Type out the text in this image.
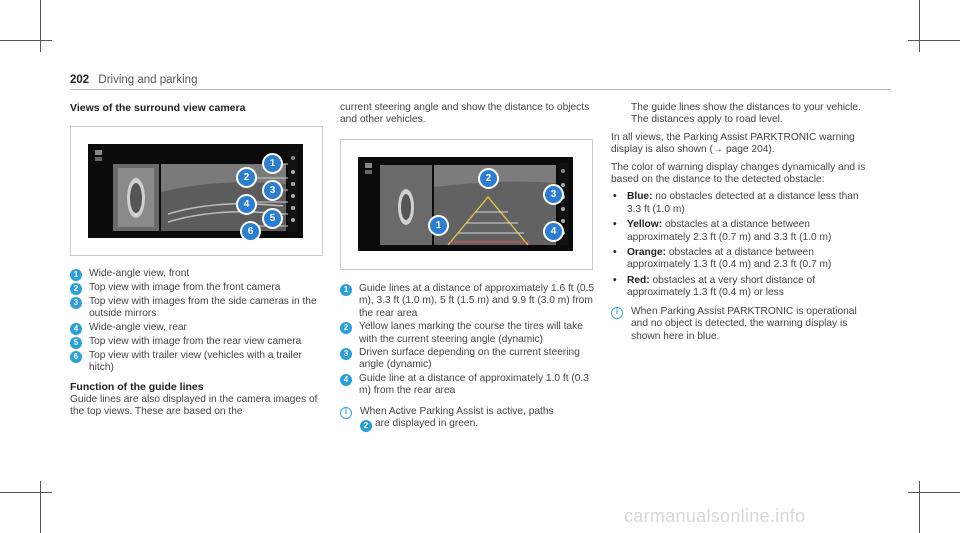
202 Driving and parking
Views of the surround view camera
1
2
3
4
5
6
1	Wide-angle view, front
2	Top view with image from the front camera
3	Top view with images from the side cameras in the outside mirrors
4	Wide-angle view, rear
5	Top view with image from the rear view camera
6	Top view with trailer view (vehicles with a trailer hitch)
Function of the guide lines

Guide lines are also displayed in the camera images of the top views. These are based on the

current steering angle and show the distance to objects and other vehicles.

1
2
3
4
1	Guide lines at a distance of approximately 1.6 ft (0.5 m), 3.3 ft (1.0 m), 5 ft (1.5 m) and 9.9 ft (3.0 m) from the rear area
2	Yellow lanes marking the course the tires will take with the current steering angle (dynamic)
3	Driven surface depending on the current steering angle (dynamic)
4	Guide line at a distance of approximately 1.0 ft (0.3 m) from the rear area
i	When Active Parking Assist is active, paths
2 are displayed in green.

The guide lines show the distances to your vehicle. The distances apply to road level.

In all views, the Parking Assist PARKTRONIC warning display is also shown (→ page 204).

The color of warning display changes dynamically and is based on the distance to the detected obstacle:

•	Blue: no obstacles detected at a distance less than 3.3 ft (1.0 m)
•	Yellow: obstacles at a distance between approximately 2.3 ft (0.7 m) and 3.3 ft (1.0 m)
•	Orange: obstacles at a distance between approximately 1.3 ft (0.4 m) and 2.3 ft (0.7 m)
•	Red: obstacles at a very short distance of approximately 1.3 ft (0.4 m) or less
i	When Parking Assist PARKTRONIC is operational and no object is detected, the warning display is shown here in blue.
carmanualsonline.info
